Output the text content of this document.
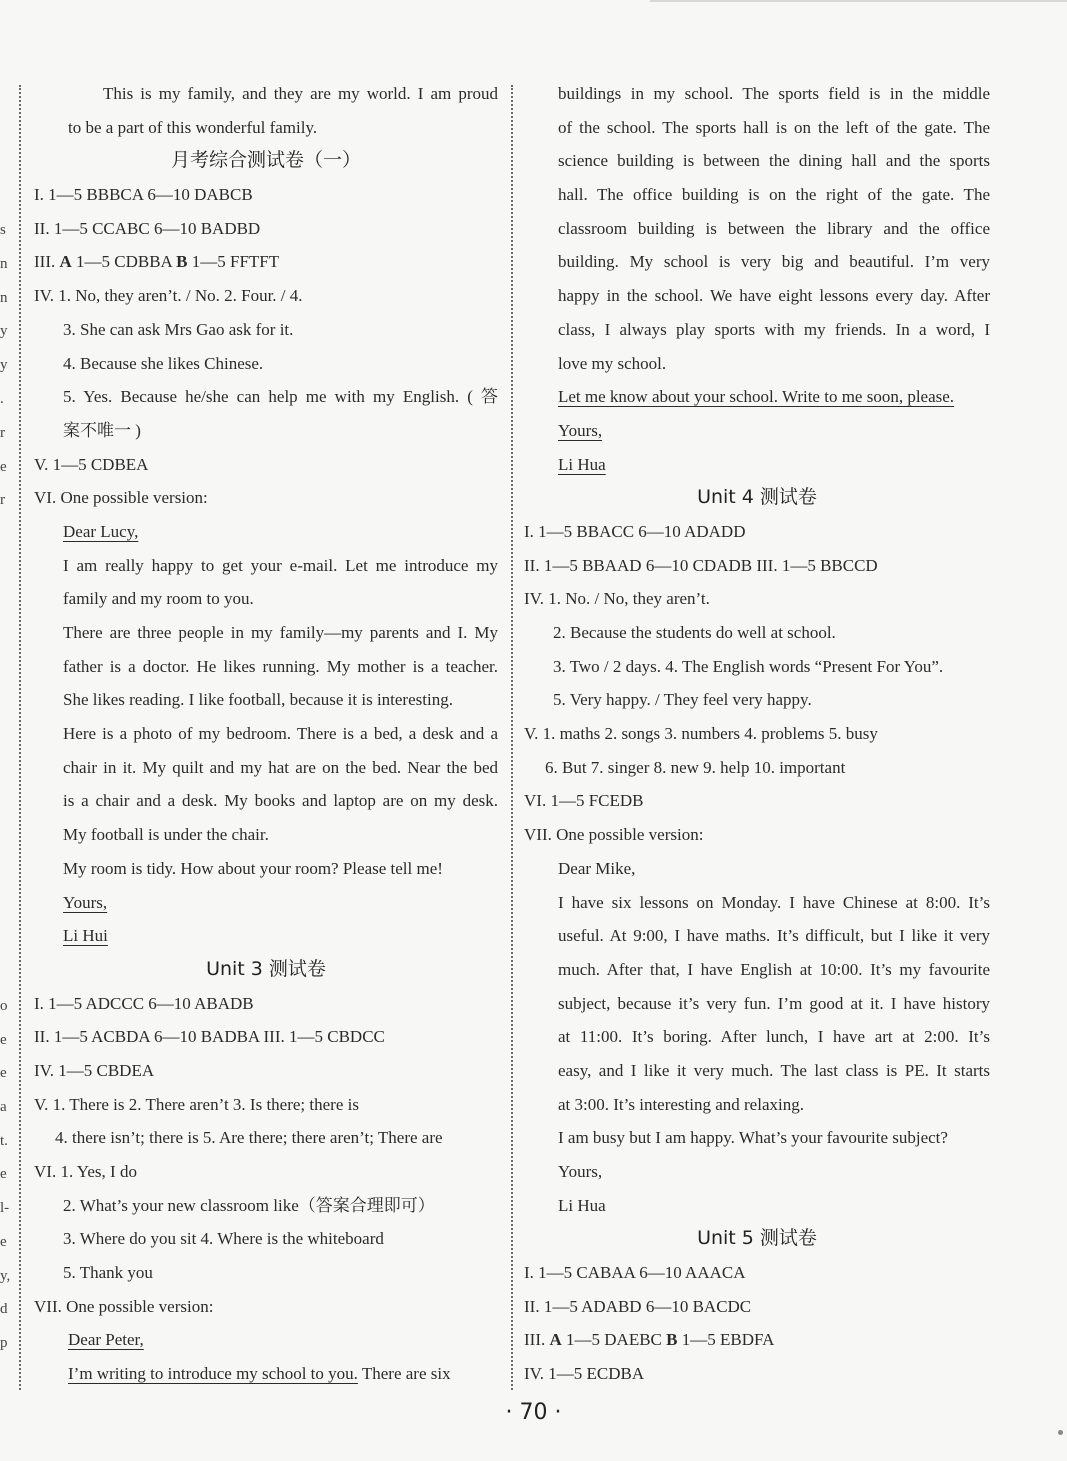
s
n
n
y
y
.
r
e
r
o
e
e
a
t.
e
l-
e
y,
d
p
This is my family, and they are my world. I am proud
to be a part of this wonderful family.
月考综合测试卷（一）
I. 1—5 BBBCA 6—10 DABCB
II. 1—5 CCABC 6—10 BADBD
III. A 1—5 CDBBA B 1—5 FFTFT
IV. 1. No, they aren’t. / No. 2. Four. / 4.
3. She can ask Mrs Gao ask for it.
4. Because she likes Chinese.
5. Yes. Because he/she can help me with my English. ( 答
案不唯一 )
V. 1—5 CDBEA
VI. One possible version:
Dear Lucy,
I am really happy to get your e-mail. Let me introduce my
family and my room to you.
There are three people in my family—my parents and I. My
father is a doctor. He likes running. My mother is a teacher.
She likes reading. I like football, because it is interesting.
Here is a photo of my bedroom. There is a bed, a desk and a
chair in it. My quilt and my hat are on the bed. Near the bed
is a chair and a desk. My books and laptop are on my desk.
My football is under the chair.
My room is tidy. How about your room? Please tell me!
Yours,
Li Hui
Unit 3 测试卷
I. 1—5 ADCCC 6—10 ABADB
II. 1—5 ACBDA 6—10 BADBA III. 1—5 CBDCC
IV. 1—5 CBDEA
V. 1. There is 2. There aren’t 3. Is there; there is
4. there isn’t; there is 5. Are there; there aren’t; There are
VI. 1. Yes, I do
2. What’s your new classroom like（答案合理即可）
3. Where do you sit 4. Where is the whiteboard
5. Thank you
VII. One possible version:
Dear Peter,
I’m writing to introduce my school to you. There are six
buildings in my school. The sports field is in the middle
of the school. The sports hall is on the left of the gate. The
science building is between the dining hall and the sports
hall. The office building is on the right of the gate. The
classroom building is between the library and the office
building. My school is very big and beautiful. I’m very
happy in the school. We have eight lessons every day. After
class, I always play sports with my friends. In a word, I
love my school.
Let me know about your school. Write to me soon, please.
Yours,
Li Hua
Unit 4 测试卷
I. 1—5 BBACC 6—10 ADADD
II. 1—5 BBAAD 6—10 CDADB III. 1—5 BBCCD
IV. 1. No. / No, they aren’t.
2. Because the students do well at school.
3. Two / 2 days. 4. The English words “Present For You”.
5. Very happy. / They feel very happy.
V. 1. maths 2. songs 3. numbers 4. problems 5. busy
6. But 7. singer 8. new 9. help 10. important
VI. 1—5 FCEDB
VII. One possible version:
Dear Mike,
I have six lessons on Monday. I have Chinese at 8:00. It’s
useful. At 9:00, I have maths. It’s difficult, but I like it very
much. After that, I have English at 10:00. It’s my favourite
subject, because it’s very fun. I’m good at it. I have history
at 11:00. It’s boring. After lunch, I have art at 2:00. It’s
easy, and I like it very much. The last class is PE. It starts
at 3:00. It’s interesting and relaxing.
I am busy but I am happy. What’s your favourite subject?
Yours,
Li Hua
Unit 5 测试卷
I. 1—5 CABAA 6—10 AAACA
II. 1—5 ADABD 6—10 BACDC
III. A 1—5 DAEBC B 1—5 EBDFA
IV. 1—5 ECDBA
· 70 ·
